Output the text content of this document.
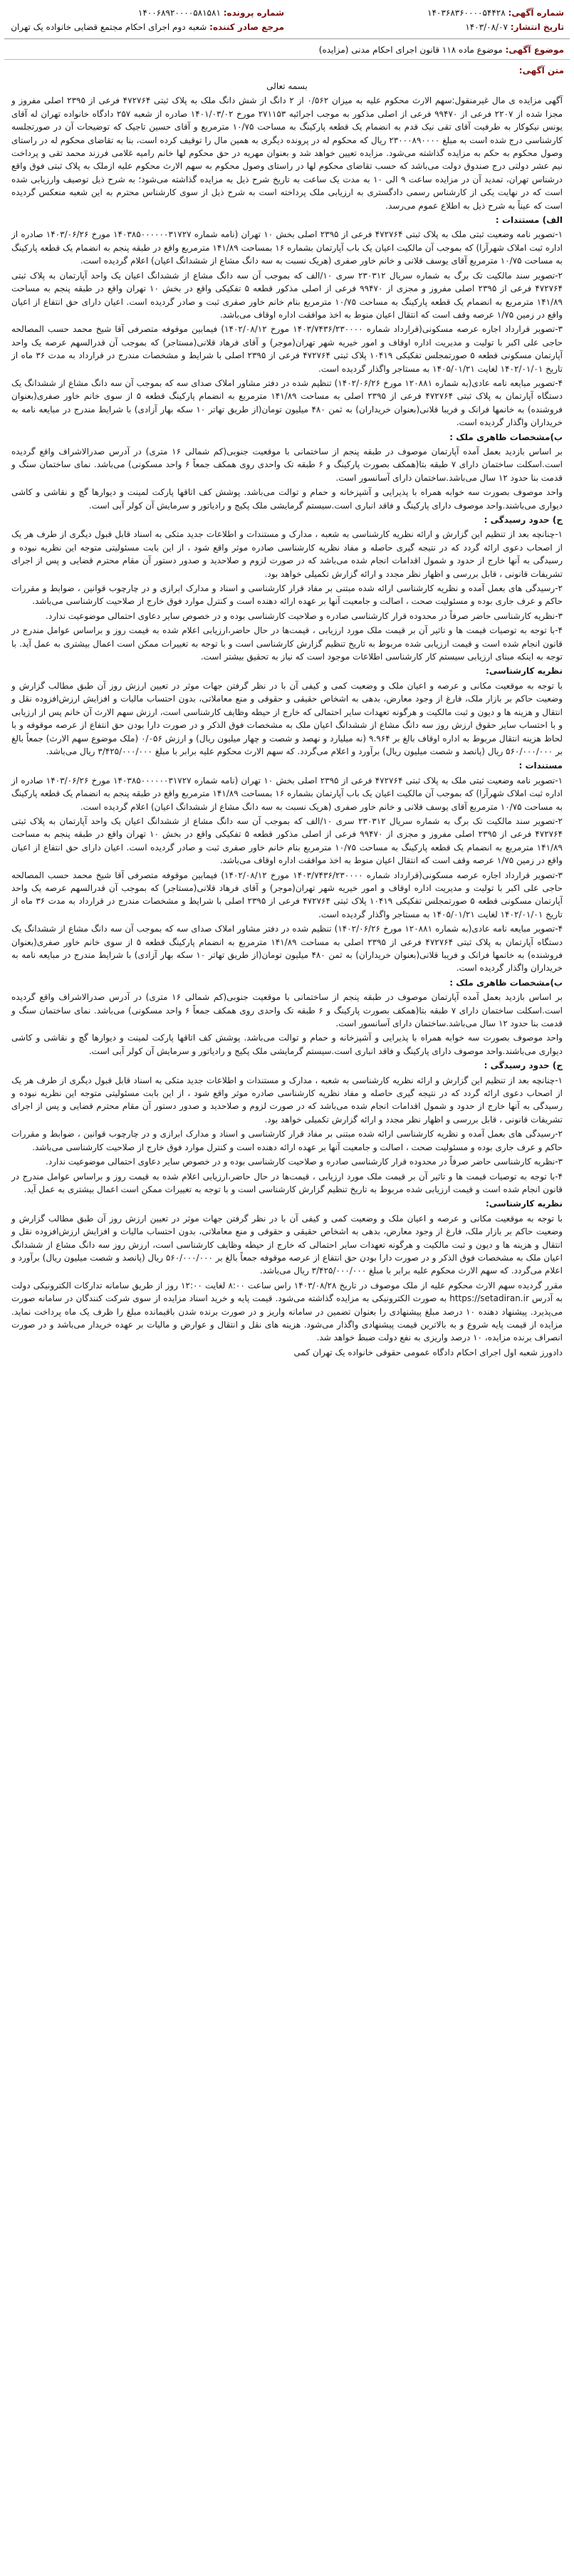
شماره آگهی: ۱۴۰۳۶۸۳۶۰۰۰۰۵۴۴۲۸
شماره پرونده: ۱۴۰۰۶۸۹۲۰۰۰۰۵۸۱۵۸۱
تاریخ انتشار: ۱۴۰۳/۰۸/۰۷
مرجع صادر کننده: شعبه دوم اجرای احکام مجتمع قضایی خانواده یک تهران
موضوع آگهی: موضوع ماده ۱۱۸ قانون اجرای احکام مدنی (مزایده)
متن آگهی:

بسمه تعالی

آگهی مزایده ی مال غیرمنقول:سهم الارث محکوم علیه به میزان ۰/۵۶۲ از ۲ دانگ از شش دانگ ملک به پلاک ثبتی ۴۷۲۷۶۴ فرعی از ۲۳۹۵ اصلی مفروز و مجزا شده از ۲۲۰۷ فرعی از ۹۹۴۷۰ فرعی از اصلی مذکور به موجب اجرائیه ۲۷۱۱۵۳ مورخ ۱۴۰۱/۰۳/۰۲ صادره از شعبه ۲۵۷ دادگاه خانواده تهران له آقای یونس نیکوکار به طرفیت آقای تقی نیک قدم به انضمام یک قطعه پارکینگ به مساحت ۱۰/۷۵ مترمربع و آقای حسین تاجیک که توضیحات آن در صورتجلسه کارشناسی درج شده است به مبلغ ۲۳۰۰۰۸۹۰۰۰۰ ریال که محکوم له در پرونده دیگری به همین مال را توقیف کرده است، بنا به تقاضای محکوم له در راستای وصول محکوم به حکم به مزایده گذاشته می‌شود. مزایده تعیین خواهد شد و بعنوان مهریه در حق محکوم لها خانم رامیه غلامی فرزند محمد تقی و پرداخت نیم عشر دولتی درج صندوق دولت می‌باشد که حسب تقاضای محکوم لها در راستای وصول محکوم به سهم الارث محکوم علیه ازملک به پلاک ثبتی فوق واقع درشناس تهران، تمدید آن در مزایده ساعت ۹ الی ۱۰ به مدت یک ساعت به تاریخ شرح ذیل به مزایده گذاشته می‌شود؛ به شرح ذیل توصیف وارزیابی شده است که در نهایت یکی از کارشناس رسمی دادگستری به ارزیابی ملک پرداخته است به شرح ذیل از سوی کارشناس محترم به این شعبه منعکس گردیده است که عیناً به شرح ذیل به اطلاع عموم می‌رسد.

الف) مستندات :

۱-تصویر نامه وضعیت ثبتی ملک به پلاک ثبتی ۴۷۲۷۶۴ فرعی از ۲۳۹۵ اصلی بخش ۱۰ تهران (نامه شماره ۱۴۰۳۸۵۰۰۰۰۰۰۳۱۷۲۷ مورخ ۱۴۰۳/۰۶/۲۶ صادره از اداره ثبت املاک شهرآرا) که بموجب آن مالکیت اعیان یک باب آپارتمان بشماره ۱۶ بمساحت ۱۴۱/۸۹ مترمربع واقع در طبقه پنجم به انضمام یک قطعه پارکینگ به مساحت ۱۰/۷۵ مترمربع آقای یوسف قلانی و خانم خاور صفری (هریک نسبت به سه دانگ مشاع از ششدانگ اعیان) اعلام گردیده است.

۲-تصویر سند مالکیت تک برگ به شماره سریال ۲۳۰۳۱۲ سری ۱۰/الف که بموجب آن سه دانگ مشاع از ششدانگ اعیان یک واحد آپارتمان به پلاک ثبتی ۴۷۲۷۶۴ فرعی از ۲۳۹۵ اصلی مفروز و مجزی از ۹۹۴۷۰ فرعی از اصلی مذکور قطعه ۵ تفکیکی واقع در بخش ۱۰ تهران واقع در طبقه پنجم به مساحت ۱۴۱/۸۹ مترمربع به انضمام یک قطعه پارکینگ به مساحت ۱۰/۷۵ مترمربع بنام خانم خاور صفری ثبت و صادر گردیده است. اعیان دارای حق انتفاع از اعیان واقع در زمین ۱/۷۵ عرصه وقف است که انتقال اعیان منوط به اخذ موافقت اداره اوقاف می‌باشد.

۳-تصویر قرارداد اجاره عرصه مسکونی(قرارداد شماره ۱۴۰۳/۷۴۳۶/۲۳۰۰۰۰ مورخ ۱۴۰۲/۰۸/۱۲) فیمابین موقوفه متصرفی آقا شیخ محمد حسب المصالحه حاجی علی اکبر با تولیت و مدیریت اداره اوقاف و امور خیریه شهر تهران(موجر) و آقای فرهاد قلانی(مستاجر) که بموجب آن قدرالسهم عرصه یک واحد آپارتمان مسکونی قطعه ۵ صورتمجلس تفکیکی ۱۰۴۱۹ پلاک ثبتی ۴۷۲۷۶۴ فرعی از ۲۳۹۵ اصلی با شرایط و مشخصات مندرج در قرارداد به مدت ۳۶ ماه از تاریخ ۱۴۰۲/۰۱/۰۱ لغایت ۱۴۰۵/۰۱/۲۱ به مستاجر واگذار گردیده است.

۴-تصویر مبایعه نامه عادی(به شماره ۱۲۰۸۸۱ مورخ ۱۴۰۲/۰۶/۲۶) تنظیم شده در دفتر مشاور املاک صدای سه که بموجب آن سه دانگ مشاع از ششدانگ یک دستگاه آپارتمان به پلاک ثبتی ۴۷۲۷۶۴ فرعی از ۲۳۹۵ اصلی به مساحت ۱۴۱/۸۹ مترمربع به انضمام پارکینگ قطعه ۵ از سوی خانم خاور صفری(بعنوان فروشنده) به خانمها فرانک و فریبا قلانی(بعنوان خریداران) به ثمن ۴۸۰ میلیون تومان(از طریق تهاتر ۱۰ سکه بهار آزادی) با شرایط مندرج در مبایعه نامه به خریداران واگذار گردیده است.

ب)مشخصات ظاهری ملک :

بر اساس بازدید بعمل آمده آپارتمان موصوف در طبقه پنجم از ساختمانی با موقعیت جنوبی(کم شمالی ۱۶ متری) در آدرس صدرالاشراف واقع گردیده است.اسکلت ساختمان دارای ۷ طبقه بتا(همکف بصورت پارکینگ و ۶ طبقه تک واحدی روی همکف جمعاً ۶ واحد مسکونی) می‌باشد. نمای ساختمان سنگ و قدمت بنا حدود ۱۲ سال می‌باشد.ساختمان دارای آسانسور است.

واحد موصوف بصورت سه خوابه همراه با پذیرایی و آشپزخانه و حمام و توالت می‌باشد. پوشش کف اتاقها پارکت لمینت و دیوارها گچ و نقاشی و کاشی دیواری می‌باشند.واحد موصوف دارای پارکینگ و فاقد انباری است.سیستم گرمایشی ملک پکیج و رادیاتور و سرمایش آن کولر آبی است.

ج) حدود رسیدگی :

۱-چنانچه بعد از تنظیم این گزارش و ارائه نظریه کارشناسی به شعبه ، مدارک و مستندات و اطلاعات جدید متکی به اسناد قابل قبول دیگری از طرف هر یک از اصحاب دعوی ارائه گردد که در نتیجه گیری حاصله و مفاد نظریه کارشناسی صادره موثر واقع شود ، از این بابت مسئولیتی متوجه این نظریه نبوده و رسیدگی به آنها خارج از حدود و شمول اقدامات انجام شده می‌باشد که در صورت لزوم و صلاحدید و صدور دستور آن مقام محترم قضایی و پس از اجرای تشریفات قانونی ، قابل بررسی و اظهار نظر مجدد و ارائه گزارش تکمیلی خواهد بود.

۲-رسیدگی های بعمل آمده و نظریه کارشناسی ارائه شده مبتنی بر مفاد قرار کارشناسی و اسناد و مدارک ابرازی و در چارچوب قوانین ، ضوابط و مقررات حاکم و عرف جاری بوده و مسئولیت صحت ، اصالت و جامعیت آنها بر عهده ارائه دهنده است و کنترل موارد فوق خارج از صلاحیت کارشناسی می‌باشد.

۳-نظریه کارشناسی حاضر صرفاً در محدوده قرار کارشناسی صادره و صلاحیت کارشناسی بوده و در خصوص سایر دعاوی احتمالی موضوعیت ندارد.

۴-با توجه به توصیات قیمت ها و تاثیر آن بر قیمت ملک مورد ارزیابی ، قیمت‌ها در حال حاضر،ارزیابی اعلام شده به قیمت روز و براساس عوامل مندرج در قانون انجام شده است و قیمت ارزیابی شده مربوط به تاریخ تنظیم گزارش کارشناسی است و با توجه به تغییرات ممکن است اعمال بیشتری به عمل آید. با توجه به اینکه مبنای ارزیابی سیستم کار کارشناسی اطلاعات موجود است که نیاز به تحقیق بیشتر است.

نظریه کارشناسی:

با توجه به موقعیت مکانی و عرصه و اعیان ملک و وضعیت کمی و کیفی آن با در نظر گرفتن جهات موثر در تعیین ارزش روز آن طبق مطالب گزارش و وضعیت حاکم بر بازار ملک، فارغ از وجود معارض، بدهی به اشخاص حقیقی و حقوقی و منع معاملاتی، بدون احتساب مالیات و افزایش ارزش‌افزوده نقل و انتقال و هزینه ها و دیون و ثبت مالکیت و هرگونه تعهدات سایر احتمالی که خارج از حیطه وظایف کارشناسی است، ارزش سهم الارث آن خانم پس از ارزیابی و با احتساب سایر حقوق ارزش روز سه دانگ مشاع از ششدانگ اعیان ملک به مشخصات فوق الذکر و در صورت دارا بودن حق انتفاع از عرصه موقوفه و با لحاظ هزینه انتقال مربوط به اداره اوقاف بالغ بر ۹.۹۶۴ (نه میلیارد و نهصد و شصت و چهار میلیون ریال) و ارزش ۰/۰۵۶ (ملک موضوع سهم الارث) جمعاً بالغ بر ۵۶۰/۰۰۰/۰۰۰ ریال (پانصد و شصت میلیون ریال) برآورد و اعلام می‌گردد. که سهم الارث محکوم علیه برابر با مبلغ ۳/۴۲۵/۰۰۰/۰۰۰ ریال می‌باشد.

مستندات :

۱-تصویر نامه وضعیت ثبتی ملک به پلاک ثبتی ۴۷۲۷۶۴ فرعی از ۲۳۹۵ اصلی بخش ۱۰ تهران (نامه شماره ۱۴۰۳۸۵۰۰۰۰۰۰۳۱۷۲۷ مورخ ۱۴۰۳/۰۶/۲۶ صادره از اداره ثبت املاک شهرآرا) که بموجب آن مالکیت اعیان یک باب آپارتمان بشماره ۱۶ بمساحت ۱۴۱/۸۹ مترمربع واقع در طبقه پنجم به انضمام یک قطعه پارکینگ به مساحت ۱۰/۷۵ مترمربع آقای یوسف قلانی و خانم خاور صفری (هریک نسبت به سه دانگ مشاع از ششدانگ اعیان) اعلام گردیده است.

۲-تصویر سند مالکیت تک برگ به شماره سریال ۲۳۰۳۱۲ سری ۱۰/الف که بموجب آن سه دانگ مشاع از ششدانگ اعیان یک واحد آپارتمان به پلاک ثبتی ۴۷۲۷۶۴ فرعی از ۲۳۹۵ اصلی مفروز و مجزی از ۹۹۴۷۰ فرعی از اصلی مذکور قطعه ۵ تفکیکی واقع در بخش ۱۰ تهران واقع در طبقه پنجم به مساحت ۱۴۱/۸۹ مترمربع به انضمام یک قطعه پارکینگ به مساحت ۱۰/۷۵ مترمربع بنام خانم خاور صفری ثبت و صادر گردیده است. اعیان دارای حق انتفاع از اعیان واقع در زمین ۱/۷۵ عرصه وقف است که انتقال اعیان منوط به اخذ موافقت اداره اوقاف می‌باشد.

۳-تصویر قرارداد اجاره عرصه مسکونی(قرارداد شماره ۱۴۰۳/۷۴۳۶/۲۳۰۰۰۰ مورخ ۱۴۰۲/۰۸/۱۲) فیمابین موقوفه متصرفی آقا شیخ محمد حسب المصالحه حاجی علی اکبر با تولیت و مدیریت اداره اوقاف و امور خیریه شهر تهران(موجر) و آقای فرهاد قلانی(مستاجر) که بموجب آن قدرالسهم عرصه یک واحد آپارتمان مسکونی قطعه ۵ صورتمجلس تفکیکی ۱۰۴۱۹ پلاک ثبتی ۴۷۲۷۶۴ فرعی از ۲۳۹۵ اصلی با شرایط و مشخصات مندرج در قرارداد به مدت ۳۶ ماه از تاریخ ۱۴۰۲/۰۱/۰۱ لغایت ۱۴۰۵/۰۱/۲۱ به مستاجر واگذار گردیده است.

۴-تصویر مبایعه نامه عادی(به شماره ۱۲۰۸۸۱ مورخ ۱۴۰۲/۰۶/۲۶) تنظیم شده در دفتر مشاور املاک صدای سه که بموجب آن سه دانگ مشاع از ششدانگ یک دستگاه آپارتمان به پلاک ثبتی ۴۷۲۷۶۴ فرعی از ۲۳۹۵ اصلی به مساحت ۱۴۱/۸۹ مترمربع به انضمام پارکینگ قطعه ۵ از سوی خانم خاور صفری(بعنوان فروشنده) به خانمها فرانک و فریبا قلانی(بعنوان خریداران) به ثمن ۴۸۰ میلیون تومان(از طریق تهاتر ۱۰ سکه بهار آزادی) با شرایط مندرج در مبایعه نامه به خریداران واگذار گردیده است.

ب)مشخصات ظاهری ملک :

بر اساس بازدید بعمل آمده آپارتمان موصوف در طبقه پنجم از ساختمانی با موقعیت جنوبی(کم شمالی ۱۶ متری) در آدرس صدرالاشراف واقع گردیده است.اسکلت ساختمان دارای ۷ طبقه بتا(همکف بصورت پارکینگ و ۶ طبقه تک واحدی روی همکف جمعاً ۶ واحد مسکونی) می‌باشد. نمای ساختمان سنگ و قدمت بنا حدود ۱۲ سال می‌باشد.ساختمان دارای آسانسور است.

واحد موصوف بصورت سه خوابه همراه با پذیرایی و آشپزخانه و حمام و توالت می‌باشد. پوشش کف اتاقها پارکت لمینت و دیوارها گچ و نقاشی و کاشی دیواری می‌باشند.واحد موصوف دارای پارکینگ و فاقد انباری است.سیستم گرمایشی ملک پکیج و رادیاتور و سرمایش آن کولر آبی است.

ج) حدود رسیدگی :

۱-چنانچه بعد از تنظیم این گزارش و ارائه نظریه کارشناسی به شعبه ، مدارک و مستندات و اطلاعات جدید متکی به اسناد قابل قبول دیگری از طرف هر یک از اصحاب دعوی ارائه گردد که در نتیجه گیری حاصله و مفاد نظریه کارشناسی صادره موثر واقع شود ، از این بابت مسئولیتی متوجه این نظریه نبوده و رسیدگی به آنها خارج از حدود و شمول اقدامات انجام شده می‌باشد که در صورت لزوم و صلاحدید و صدور دستور آن مقام محترم قضایی و پس از اجرای تشریفات قانونی ، قابل بررسی و اظهار نظر مجدد و ارائه گزارش تکمیلی خواهد بود.

۲-رسیدگی های بعمل آمده و نظریه کارشناسی ارائه شده مبتنی بر مفاد قرار کارشناسی و اسناد و مدارک ابرازی و در چارچوب قوانین ، ضوابط و مقررات حاکم و عرف جاری بوده و مسئولیت صحت ، اصالت و جامعیت آنها بر عهده ارائه دهنده است و کنترل موارد فوق خارج از صلاحیت کارشناسی می‌باشد.

۳-نظریه کارشناسی حاضر صرفاً در محدوده قرار کارشناسی صادره و صلاحیت کارشناسی بوده و در خصوص سایر دعاوی احتمالی موضوعیت ندارد.

۴-با توجه به توصیات قیمت ها و تاثیر آن بر قیمت ملک مورد ارزیابی ، قیمت‌ها در حال حاضر،ارزیابی اعلام شده به قیمت روز و براساس عوامل مندرج در قانون انجام شده است و قیمت ارزیابی شده مربوط به تاریخ تنظیم گزارش کارشناسی است و با توجه به تغییرات ممکن است اعمال بیشتری به عمل آید.

نظریه کارشناسی:

با توجه به موقعیت مکانی و عرصه و اعیان ملک و وضعیت کمی و کیفی آن با در نظر گرفتن جهات موثر در تعیین ارزش روز آن طبق مطالب گزارش و وضعیت حاکم بر بازار ملک، فارغ از وجود معارض، بدهی به اشخاص حقیقی و حقوقی و منع معاملاتی، بدون احتساب مالیات و افزایش ارزش‌افزوده نقل و انتقال و هزینه ها و دیون و ثبت مالکیت و هرگونه تعهدات سایر احتمالی که خارج از حیطه وظایف کارشناسی است، ارزش روز سه دانگ مشاع از ششدانگ اعیان ملک به مشخصات فوق الذکر و در صورت دارا بودن حق انتفاع از عرصه موقوفه جمعاً بالغ بر ۵۶۰/۰۰۰/۰۰۰ ریال (پانصد و شصت میلیون ریال) برآورد و اعلام می‌گردد. که سهم الارث محکوم علیه برابر با مبلغ ۳/۴۲۵/۰۰۰/۰۰۰ ریال می‌باشد.

مقرر گردیده سهم الارث محکوم علیه از ملک موصوف در تاریخ ۱۴۰۳/۰۸/۲۸ راس ساعت ۸:۰۰ لغایت ۱۲:۰۰ روز از طریق سامانه تدارکات الکترونیکی دولت به آدرس https://setadiran.ir به صورت الکترونیکی به مزایده گذاشته می‌شود. قیمت پایه و خرید اسناد مزایده از سوی شرکت کنندگان در سامانه صورت می‌پذیرد. پیشنهاد دهنده ۱۰ درصد مبلغ پیشنهادی را بعنوان تضمین در سامانه واریز و در صورت برنده شدن باقیمانده مبلغ را ظرف یک ماه پرداخت نماید. مزایده از قیمت پایه شروع و به بالاترین قیمت پیشنهادی واگذار می‌شود. هزینه های نقل و انتقال و عوارض و مالیات بر عهده خریدار می‌باشد و در صورت انصراف برنده مزایده، ۱۰ درصد واریزی به نفع دولت ضبط خواهد شد.

دادورز شعبه اول اجرای احکام دادگاه عمومی حقوقی خانواده یک تهران کمی
